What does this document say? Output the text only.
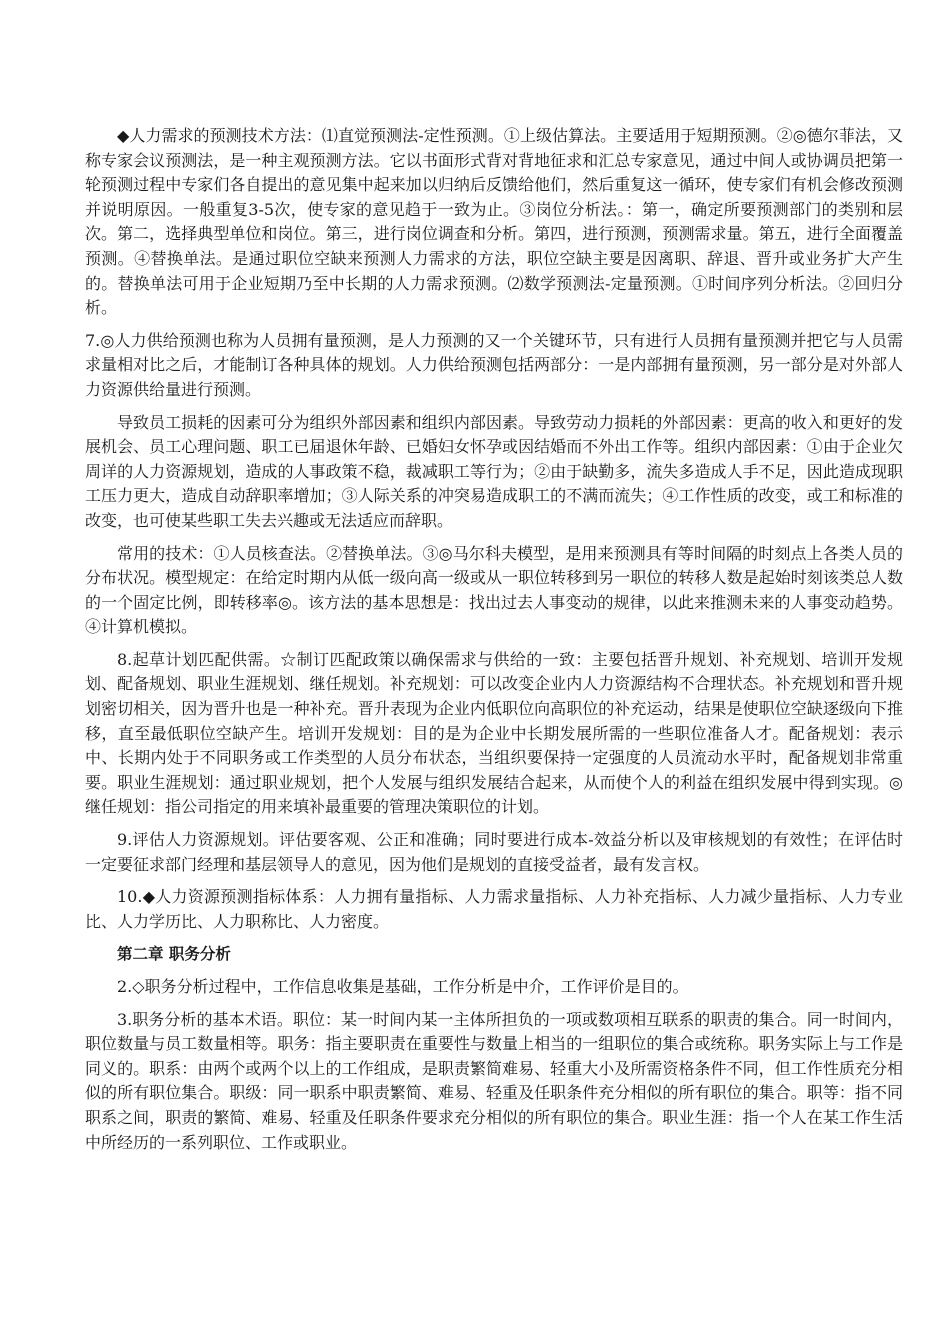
◆人力需求的预测技术方法：⑴直觉预测法-定性预测。①上级估算法。主要适用于短期预测。②◎德尔菲法，又称专家会议预测法，是一种主观预测方法。它以书面形式背对背地征求和汇总专家意见，通过中间人或协调员把第一轮预测过程中专家们各自提出的意见集中起来加以归纳后反馈给他们，然后重复这一循环，使专家们有机会修改预测并说明原因。一般重复3-5次，使专家的意见趋于一致为止。③岗位分析法。：第一，确定所要预测部门的类别和层次。第二，选择典型单位和岗位。第三，进行岗位调查和分析。第四，进行预测，预测需求量。第五，进行全面覆盖预测。④替换单法。是通过职位空缺来预测人力需求的方法，职位空缺主要是因离职、辞退、晋升或业务扩大产生的。替换单法可用于企业短期乃至中长期的人力需求预测。⑵数学预测法-定量预测。①时间序列分析法。②回归分析。

7.◎人力供给预测也称为人员拥有量预测，是人力预测的又一个关键环节，只有进行人员拥有量预测并把它与人员需求量相对比之后，才能制订各种具体的规划。人力供给预测包括两部分：一是内部拥有量预测，另一部分是对外部人力资源供给量进行预测。

导致员工损耗的因素可分为组织外部因素和组织内部因素。导致劳动力损耗的外部因素：更高的收入和更好的发展机会、员工心理问题、职工已届退休年龄、已婚妇女怀孕或因结婚而不外出工作等。组织内部因素：①由于企业欠周详的人力资源规划，造成的人事政策不稳，裁减职工等行为；②由于缺勤多，流失多造成人手不足，因此造成现职工压力更大，造成自动辞职率增加；③人际关系的冲突易造成职工的不满而流失；④工作性质的改变，或工和标准的改变，也可使某些职工失去兴趣或无法适应而辞职。

常用的技术：①人员核查法。②替换单法。③◎马尔科夫模型，是用来预测具有等时间隔的时刻点上各类人员的分布状况。模型规定：在给定时期内从低一级向高一级或从一职位转移到另一职位的转移人数是起始时刻该类总人数的一个固定比例，即转移率◎。该方法的基本思想是：找出过去人事变动的规律，以此来推测未来的人事变动趋势。④计算机模拟。

8.起草计划匹配供需。☆制订匹配政策以确保需求与供给的一致：主要包括晋升规划、补充规划、培训开发规划、配备规划、职业生涯规划、继任规划。补充规划：可以改变企业内人力资源结构不合理状态。补充规划和晋升规划密切相关，因为晋升也是一种补充。晋升表现为企业内低职位向高职位的补充运动，结果是使职位空缺逐级向下推移，直至最低职位空缺产生。培训开发规划：目的是为企业中长期发展所需的一些职位准备人才。配备规划：表示中、长期内处于不同职务或工作类型的人员分布状态，当组织要保持一定强度的人员流动水平时，配备规划非常重要。职业生涯规划：通过职业规划，把个人发展与组织发展结合起来，从而使个人的利益在组织发展中得到实现。◎继任规划：指公司指定的用来填补最重要的管理决策职位的计划。

9.评估人力资源规划。评估要客观、公正和准确；同时要进行成本-效益分析以及审核规划的有效性；在评估时一定要征求部门经理和基层领导人的意见，因为他们是规划的直接受益者，最有发言权。

10.◆人力资源预测指标体系：人力拥有量指标、人力需求量指标、人力补充指标、人力减少量指标、人力专业比、人力学历比、人力职称比、人力密度。

第二章 职务分析

2.◇职务分析过程中，工作信息收集是基础，工作分析是中介，工作评价是目的。

3.职务分析的基本术语。职位：某一时间内某一主体所担负的一项或数项相互联系的职责的集合。同一时间内，职位数量与员工数量相等。职务：指主要职责在重要性与数量上相当的一组职位的集合或统称。职务实际上与工作是同义的。职系：由两个或两个以上的工作组成，是职责繁简难易、轻重大小及所需资格条件不同，但工作性质充分相似的所有职位集合。职级：同一职系中职责繁简、难易、轻重及任职条件充分相似的所有职位的集合。职等：指不同职系之间，职责的繁简、难易、轻重及任职条件要求充分相似的所有职位的集合。职业生涯：指一个人在某工作生活中所经历的一系列职位、工作或职业。
